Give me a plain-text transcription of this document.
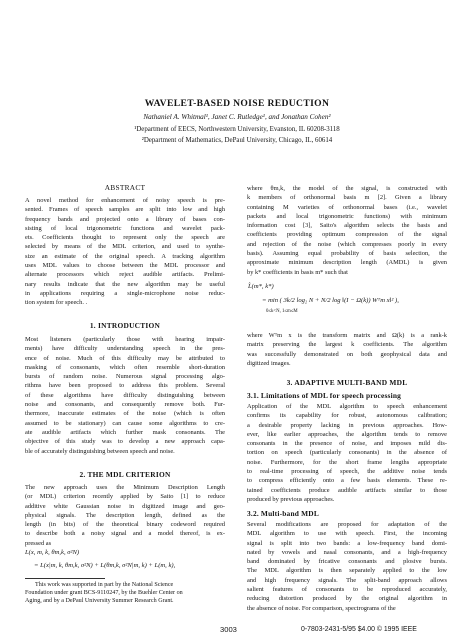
WAVELET-BASED NOISE REDUCTION
Nathaniel A. Whitmal¹, Janet C. Rutledge¹, and Jonathan Cohen²
¹Department of EECS, Northwestern University, Evanston, IL 60208-3118
²Department of Mathematics, DePaul University, Chicago, IL, 60614
ABSTRACT
A novel method for enhancement of noisy speech is pre-
sented. Frames of speech samples are split into low and high
frequency bands and projected onto a library of bases con-
sisting of local trigonometric functions and wavelet pack-
ets. Coefficients thought to represent only the speech are
selected by means of the MDL criterion, and used to synthe-
size an estimate of the original speech. A tracking algorithm
uses MDL values to choose between the MDL processor and
alternate processors which reject audible artifacts. Prelimi-
nary results indicate that the new algorithm may be useful
in applications requiring a single-microphone noise reduc-
tion system for speech. .
1. INTRODUCTION
Most listeners (particularly those with hearing impair-
ments) have difficulty understanding speech in the pres-
ence of noise. Much of this difficulty may be attributed to
masking of consonants, which often resemble short-duration
bursts of random noise. Numerous signal processing algo-
rithms have been proposed to address this problem. Several
of these algorithms have difficulty distinguishing between
noise and consonants, and consequently remove both. Fur-
thermore, inaccurate estimates of the noise (which is often
assumed to be stationary) can cause some algorithms to cre-
ate audible artifacts which further mask consonants. The
objective of this study was to develop a new approach capa-
ble of accurately distinguishing between speech and noise.
2. THE MDL CRITERION
The new approach uses the Minimum Description Length
(or MDL) criterion recently applied by Saito [1] to reduce
additive white Gaussian noise in digitized image and geo-
physical signals. The description length, defined as the
length (in bits) of the theoretical binary codeword required
to describe both a noisy signal and a model thereof, is ex-
pressed as
L(x, m, k, θm,k, σ²N)
= L(x|m, k, θm,k, σ²N) + L(θm,k, σ²N|m, k) + L(m, k),
This work was supported in part by the National Science
Foundation under grant BCS-9110247, by the Buehler Center on
Aging, and by a DePaul University Summer Research Grant.
where θm,k, the model of the signal, is constructed with
k members of orthonormal basis m [2]. Given a library
containing M varieties of orthonormal bases (i.e., wavelet
packets and local trigonometric functions) with minimum
information cost [3], Saito's algorithm selects the basis and
coefficients providing optimum compression of the signal
and rejection of the noise (which compresses poorly in every
basis). Assuming equal probability of basis selection, the
approximate minimum description length (AMDL) is given
by k* coefficients in basis m* such that
L̂(m*, k*)
= min ( 3k/2 log₂ N + N/2 log ‖(I − Ω(k)) Wᵀm x‖² ),
0≤k<N, 1≤m≤M
where Wᵀm x is the transform matrix and Ω(k) is a rank-k
matrix preserving the largest k coefficients. The algorithm
was successfully demonstrated on both geophysical data and
digitized images.
3. ADAPTIVE MULTI-BAND MDL
3.1. Limitations of MDL for speech processing
Application of the MDL algorithm to speech enhancement
confirms its capability for robust, autonomous calibration;
a desirable property lacking in previous approaches. How-
ever, like earlier approaches, the algorithm tends to remove
consonants in the presence of noise, and imposes mild dis-
tortion on speech (particularly consonants) in the absence of
noise. Furthermore, for the short frame lengths appropriate
to real-time processing of speech, the additive noise tends
to compress efficiently onto a few basis elements. These re-
tained coefficients produce audible artifacts similar to those
produced by previous approaches.
3.2. Multi-band MDL
Several modifications are proposed for adaptation of the
MDL algorithm to use with speech. First, the incoming
signal is split into two bands: a low-frequency band domi-
nated by vowels and nasal consonants, and a high-frequency
band dominated by fricative consonants and plosive bursts.
The MDL algorithm is then separately applied to the low
and high frequency signals. The split-band approach allows
salient features of consonants to be reproduced accurately,
reducing distortion produced by the original algorithm in
the absence of noise. For comparison, spectrograms of the
3003	0-7803-2431-5/95 $4.00 © 1995 IEEE
